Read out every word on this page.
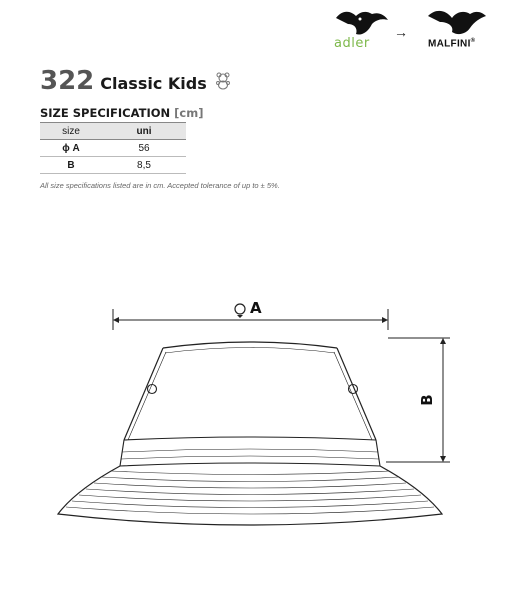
adler
→
MALFINI®
322 Classic Kids
SIZE SPECIFICATION [cm]
size	uni
ϕ A	56
B	8,5
All size specifications listed are in cm. Accepted tolerance of up to ± 5%.
A
B
